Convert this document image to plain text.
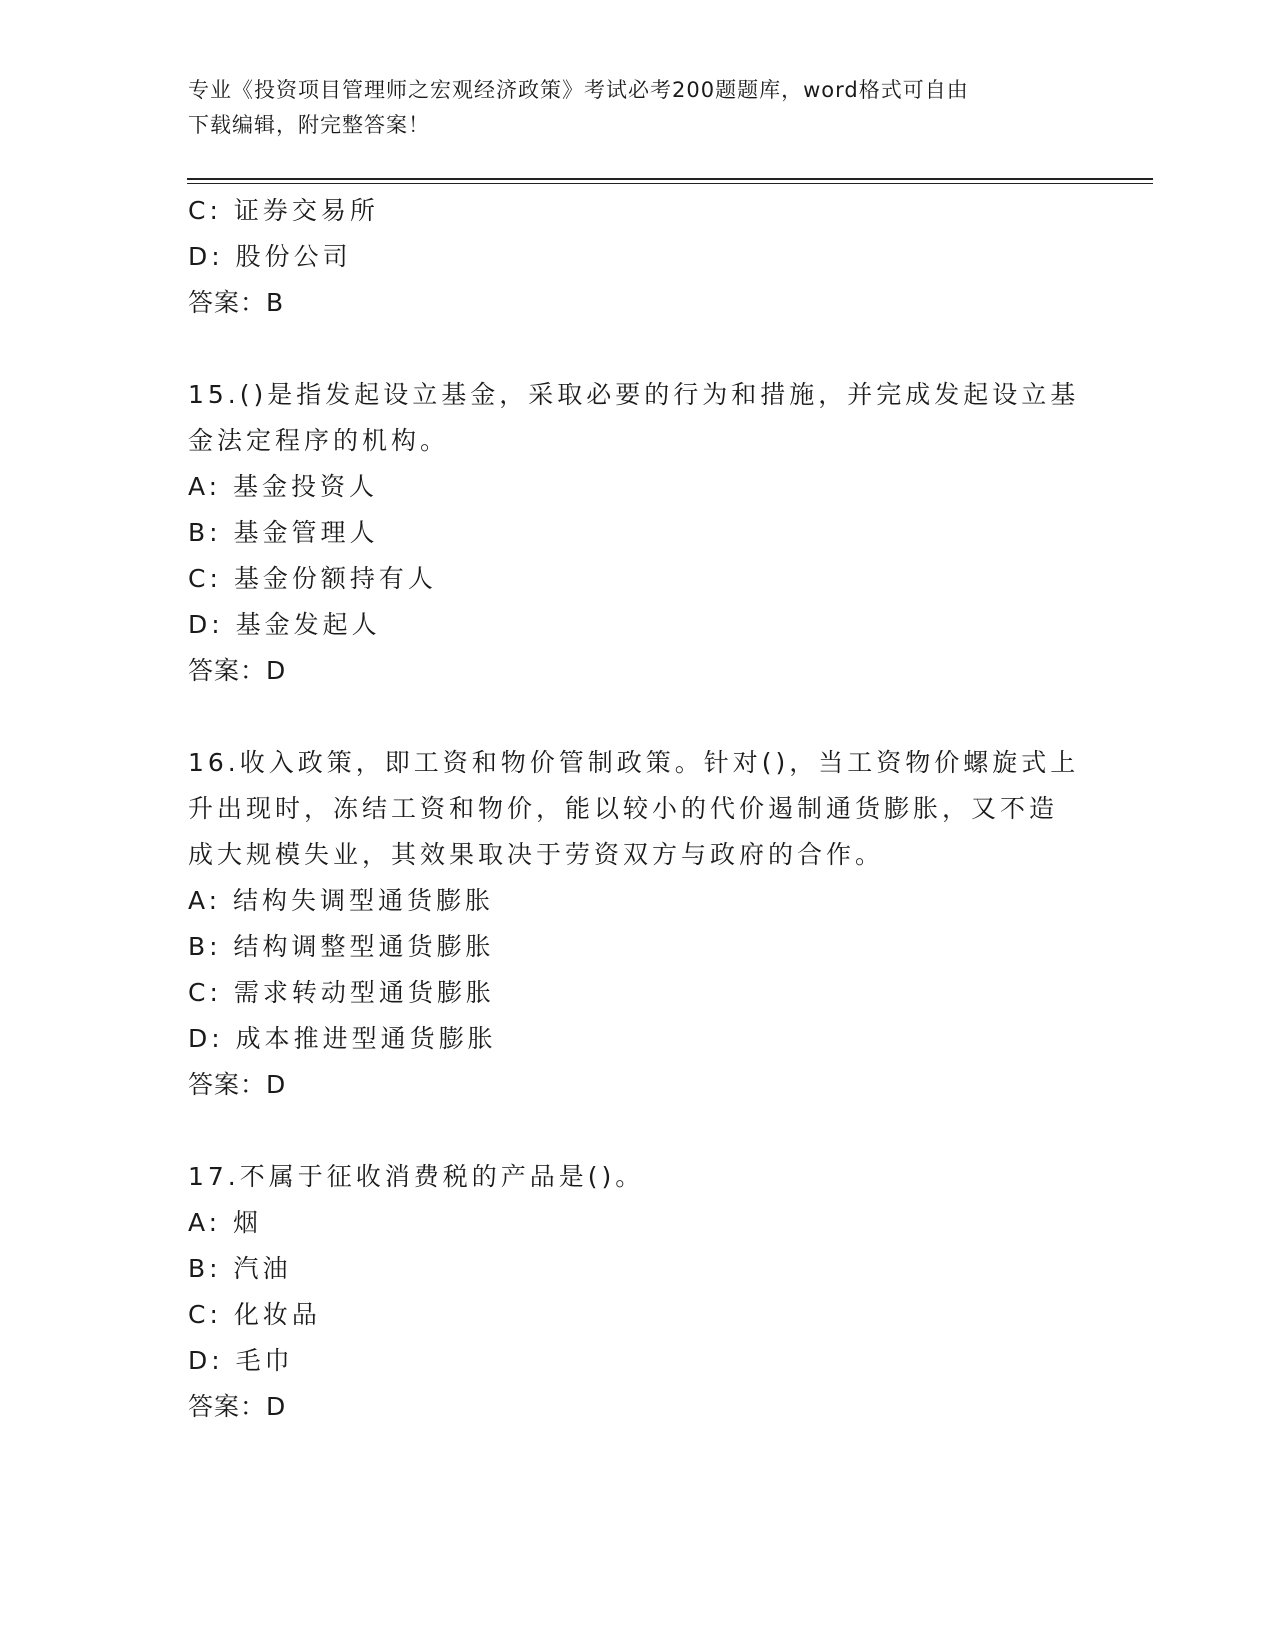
专业《投资项目管理师之宏观经济政策》考试必考200题题库，word格式可自由
下载编辑，附完整答案！
C: 证券交易所
D: 股份公司
答案：B
15.()是指发起设立基金，采取必要的行为和措施，并完成发起设立基
金法定程序的机构。
A: 基金投资人
B: 基金管理人
C: 基金份额持有人
D: 基金发起人
答案：D
16.收入政策，即工资和物价管制政策。针对()，当工资物价螺旋式上
升出现时，冻结工资和物价，能以较小的代价遏制通货膨胀，又不造
成大规模失业，其效果取决于劳资双方与政府的合作。
A: 结构失调型通货膨胀
B: 结构调整型通货膨胀
C: 需求转动型通货膨胀
D: 成本推进型通货膨胀
答案：D
17.不属于征收消费税的产品是()。
A: 烟
B: 汽油
C: 化妆品
D: 毛巾
答案：D
